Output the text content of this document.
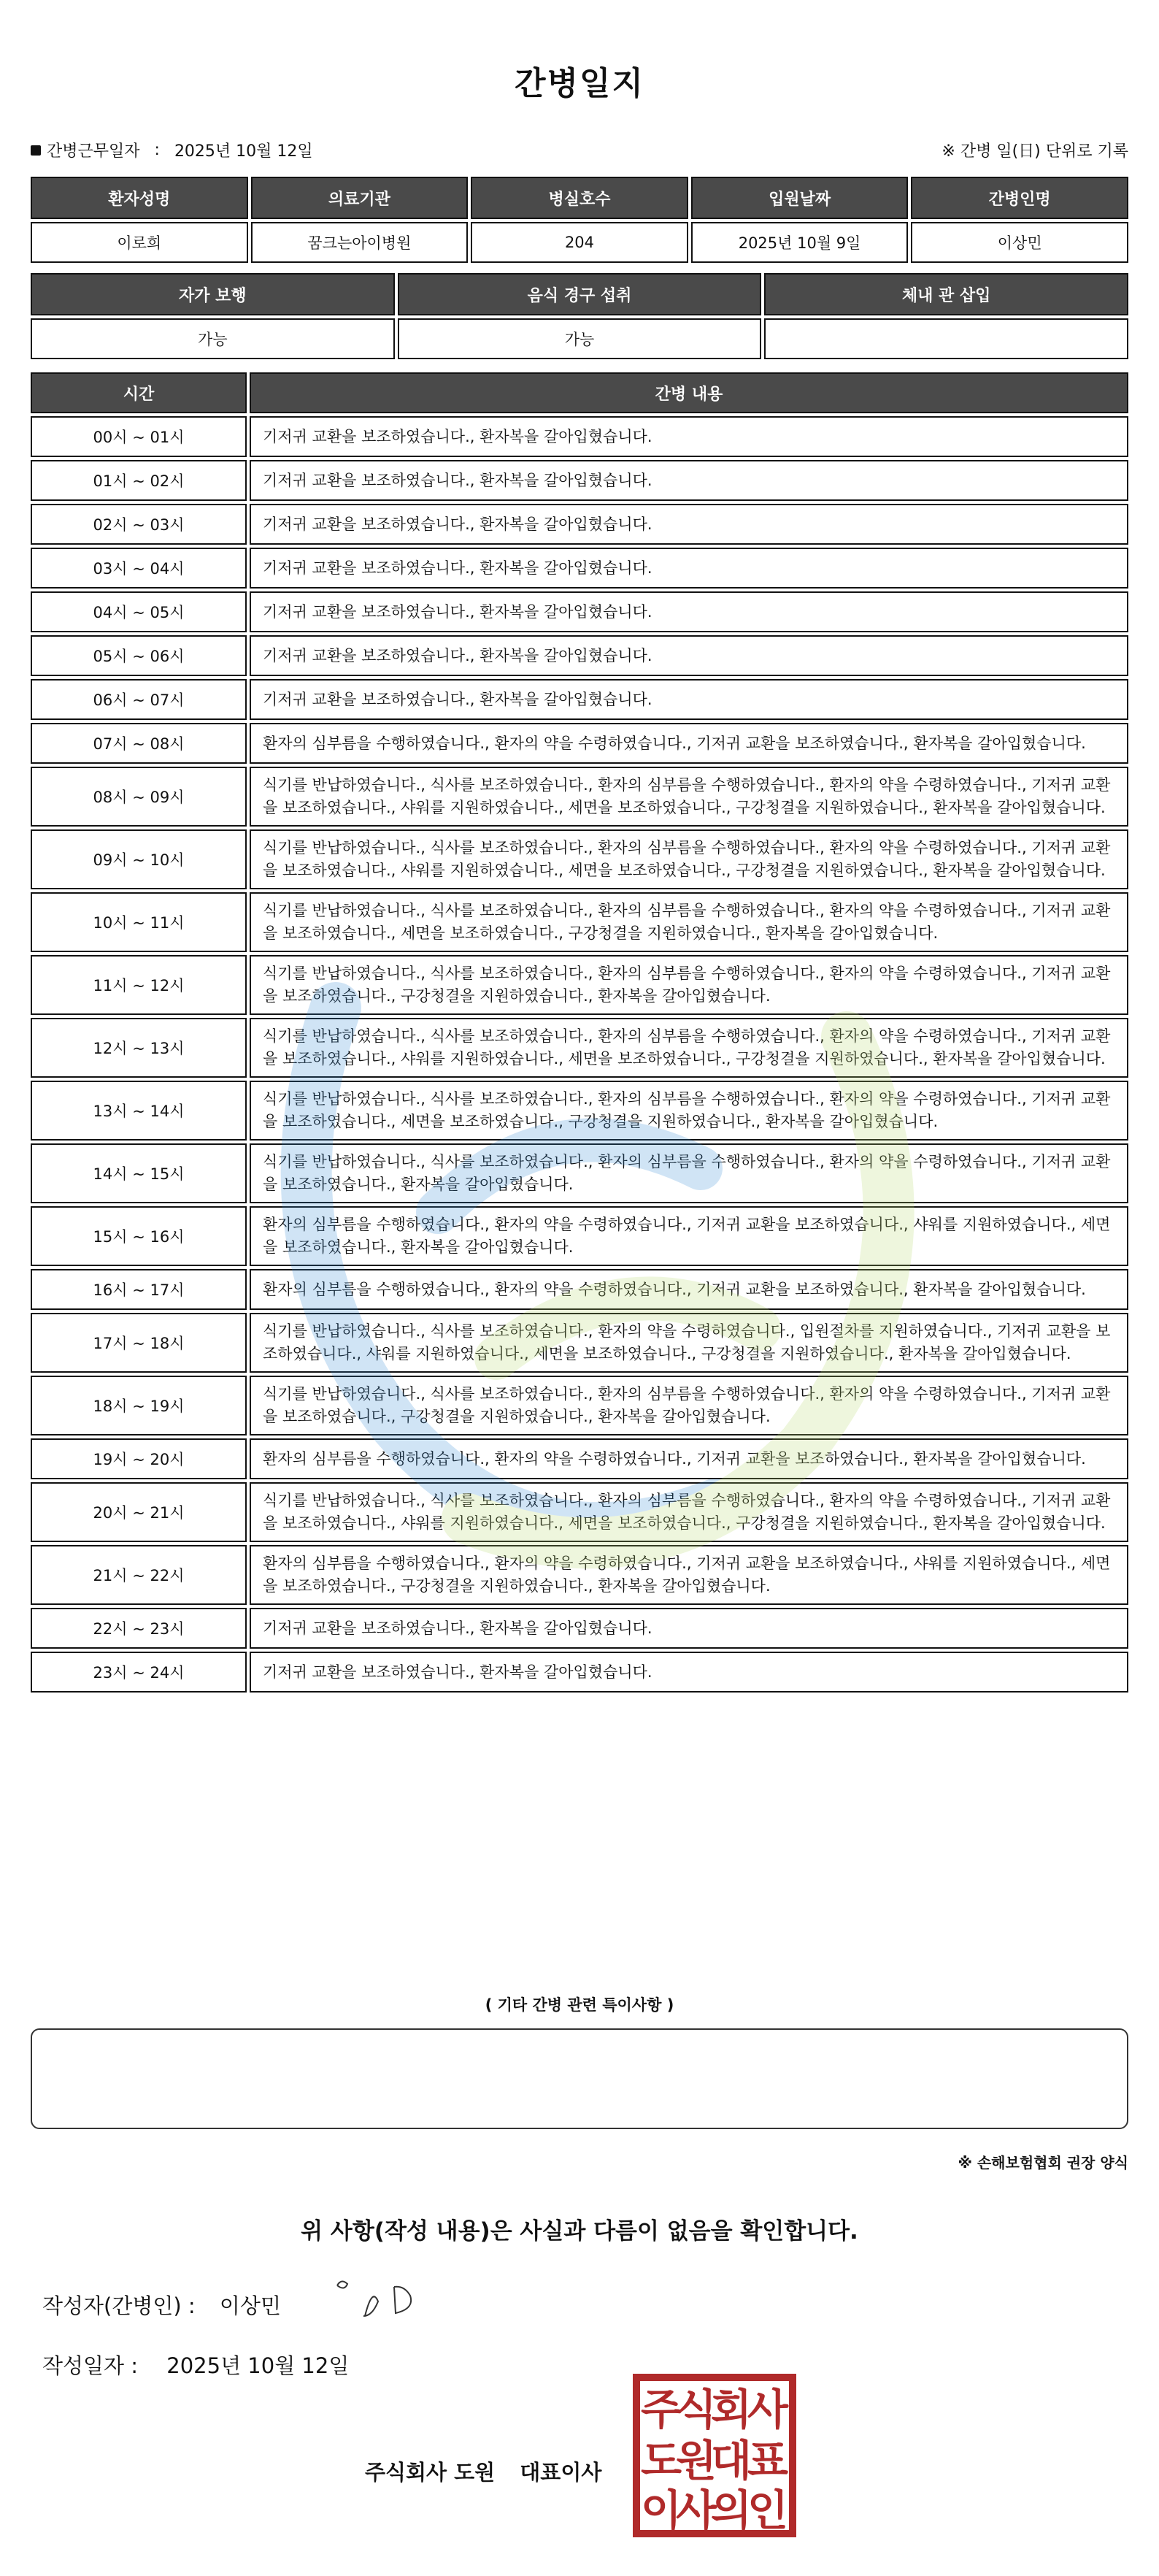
간병일지
간병근무일자 : 2025년 10월 12일	※ 간병 일(日) 단위로 기록
환자성명	의료기관	병실호수	입원날짜	간병인명
이로희	꿈크는아이병원	204	2025년 10월 9일	이상민
자가 보행	음식 경구 섭취	체내 관 삽입
가능	가능	
시간	간병 내용
00시 ~ 01시	기저귀 교환을 보조하였습니다., 환자복을 갈아입혔습니다.
01시 ~ 02시	기저귀 교환을 보조하였습니다., 환자복을 갈아입혔습니다.
02시 ~ 03시	기저귀 교환을 보조하였습니다., 환자복을 갈아입혔습니다.
03시 ~ 04시	기저귀 교환을 보조하였습니다., 환자복을 갈아입혔습니다.
04시 ~ 05시	기저귀 교환을 보조하였습니다., 환자복을 갈아입혔습니다.
05시 ~ 06시	기저귀 교환을 보조하였습니다., 환자복을 갈아입혔습니다.
06시 ~ 07시	기저귀 교환을 보조하였습니다., 환자복을 갈아입혔습니다.
07시 ~ 08시	환자의 심부름을 수행하였습니다., 환자의 약을 수령하였습니다., 기저귀 교환을 보조하였습니다., 환자복을 갈아입혔습니다.
08시 ~ 09시	식기를 반납하였습니다., 식사를 보조하였습니다., 환자의 심부름을 수행하였습니다., 환자의 약을 수령하였습니다., 기저귀 교환을 보조하였습니다., 샤워를 지원하였습니다., 세면을 보조하였습니다., 구강청결을 지원하였습니다., 환자복을 갈아입혔습니다.
09시 ~ 10시	식기를 반납하였습니다., 식사를 보조하였습니다., 환자의 심부름을 수행하였습니다., 환자의 약을 수령하였습니다., 기저귀 교환을 보조하였습니다., 샤워를 지원하였습니다., 세면을 보조하였습니다., 구강청결을 지원하였습니다., 환자복을 갈아입혔습니다.
10시 ~ 11시	식기를 반납하였습니다., 식사를 보조하였습니다., 환자의 심부름을 수행하였습니다., 환자의 약을 수령하였습니다., 기저귀 교환을 보조하였습니다., 세면을 보조하였습니다., 구강청결을 지원하였습니다., 환자복을 갈아입혔습니다.
11시 ~ 12시	식기를 반납하였습니다., 식사를 보조하였습니다., 환자의 심부름을 수행하였습니다., 환자의 약을 수령하였습니다., 기저귀 교환을 보조하였습니다., 구강청결을 지원하였습니다., 환자복을 갈아입혔습니다.
12시 ~ 13시	식기를 반납하였습니다., 식사를 보조하였습니다., 환자의 심부름을 수행하였습니다., 환자의 약을 수령하였습니다., 기저귀 교환을 보조하였습니다., 샤워를 지원하였습니다., 세면을 보조하였습니다., 구강청결을 지원하였습니다., 환자복을 갈아입혔습니다.
13시 ~ 14시	식기를 반납하였습니다., 식사를 보조하였습니다., 환자의 심부름을 수행하였습니다., 환자의 약을 수령하였습니다., 기저귀 교환을 보조하였습니다., 세면을 보조하였습니다., 구강청결을 지원하였습니다., 환자복을 갈아입혔습니다.
14시 ~ 15시	식기를 반납하였습니다., 식사를 보조하였습니다., 환자의 심부름을 수행하였습니다., 환자의 약을 수령하였습니다., 기저귀 교환을 보조하였습니다., 환자복을 갈아입혔습니다.
15시 ~ 16시	환자의 심부름을 수행하였습니다., 환자의 약을 수령하였습니다., 기저귀 교환을 보조하였습니다., 샤워를 지원하였습니다., 세면을 보조하였습니다., 환자복을 갈아입혔습니다.
16시 ~ 17시	환자의 심부름을 수행하였습니다., 환자의 약을 수령하였습니다., 기저귀 교환을 보조하였습니다., 환자복을 갈아입혔습니다.
17시 ~ 18시	식기를 반납하였습니다., 식사를 보조하였습니다., 환자의 약을 수령하였습니다., 입원절차를 지원하였습니다., 기저귀 교환을 보조하였습니다., 샤워를 지원하였습니다., 세면을 보조하였습니다., 구강청결을 지원하였습니다., 환자복을 갈아입혔습니다.
18시 ~ 19시	식기를 반납하였습니다., 식사를 보조하였습니다., 환자의 심부름을 수행하였습니다., 환자의 약을 수령하였습니다., 기저귀 교환을 보조하였습니다., 구강청결을 지원하였습니다., 환자복을 갈아입혔습니다.
19시 ~ 20시	환자의 심부름을 수행하였습니다., 환자의 약을 수령하였습니다., 기저귀 교환을 보조하였습니다., 환자복을 갈아입혔습니다.
20시 ~ 21시	식기를 반납하였습니다., 식사를 보조하였습니다., 환자의 심부름을 수행하였습니다., 환자의 약을 수령하였습니다., 기저귀 교환을 보조하였습니다., 샤워를 지원하였습니다., 세면을 보조하였습니다., 구강청결을 지원하였습니다., 환자복을 갈아입혔습니다.
21시 ~ 22시	환자의 심부름을 수행하였습니다., 환자의 약을 수령하였습니다., 기저귀 교환을 보조하였습니다., 샤워를 지원하였습니다., 세면을 보조하였습니다., 구강청결을 지원하였습니다., 환자복을 갈아입혔습니다.
22시 ~ 23시	기저귀 교환을 보조하였습니다., 환자복을 갈아입혔습니다.
23시 ~ 24시	기저귀 교환을 보조하였습니다., 환자복을 갈아입혔습니다.
( 기타 간병 관련 특이사항 )
※ 손해보험협회 권장 양식
위 사항(작성 내용)은 사실과 다름이 없음을 확인합니다.
작성자(간병인) : 이상민
작성일자 : 2025년 10월 12일
주식회사 도원 대표이사
주
식
회
사
도
원
대
표
이
사
의
인
